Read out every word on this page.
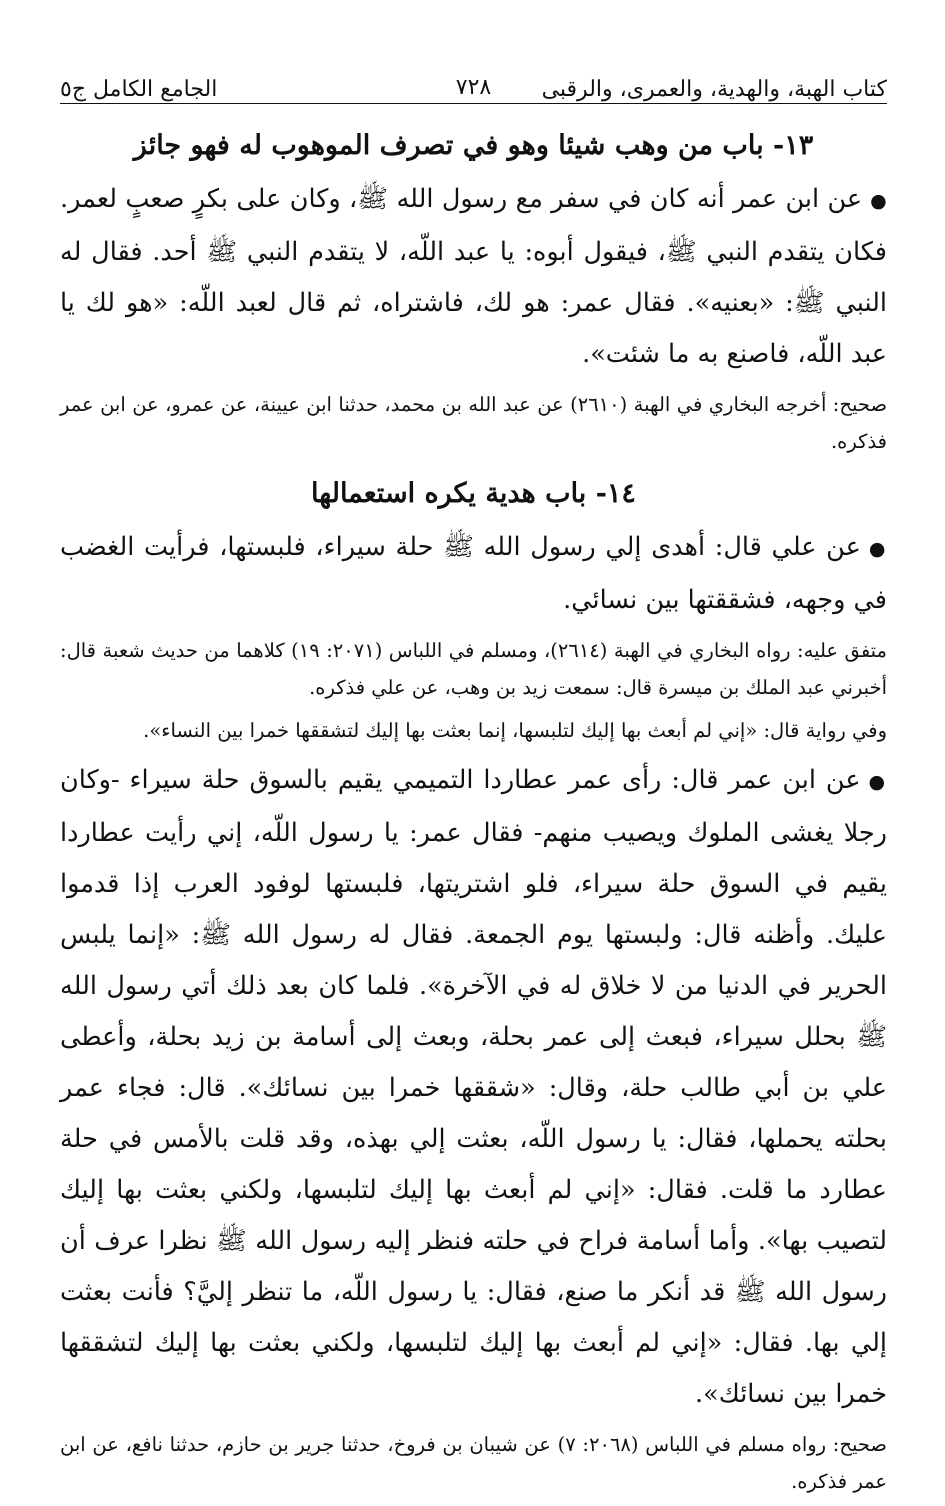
كتاب الهبة، والهدية، والعمرى، والرقبى
٧٢٨
الجامع الكامل ج٥
١٣- باب من وهب شيئا وهو في تصرف الموهوب له فهو جائز

●عن ابن عمر أنه كان في سفر مع رسول الله ﷺ، وكان على بكرٍ صعبٍ لعمر. فكان يتقدم النبي ﷺ، فيقول أبوه: يا عبد اللّه، لا يتقدم النبي ﷺ أحد. فقال له النبي ﷺ: «بعنيه». فقال عمر: هو لك، فاشتراه، ثم قال لعبد اللّه: «هو لك يا عبد اللّه، فاصنع به ما شئت».

صحيح: أخرجه البخاري في الهبة (٢٦١٠) عن عبد الله بن محمد، حدثنا ابن عيينة، عن عمرو، عن ابن عمر فذكره.

١٤- باب هدية يكره استعمالها

●عن علي قال: أهدى إلي رسول الله ﷺ حلة سيراء، فلبستها، فرأيت الغضب في وجهه، فشققتها بين نسائي.

متفق عليه: رواه البخاري في الهبة (٢٦١٤)، ومسلم في اللباس (٢٠٧١: ١٩) كلاهما من حديث شعبة قال: أخبرني عبد الملك بن ميسرة قال: سمعت زيد بن وهب، عن علي فذكره.

وفي رواية قال: «إني لم أبعث بها إليك لتلبسها، إنما بعثت بها إليك لتشققها خمرا بين النساء».

●عن ابن عمر قال: رأى عمر عطاردا التميمي يقيم بالسوق حلة سيراء -وكان رجلا يغشى الملوك ويصيب منهم- فقال عمر: يا رسول اللّه، إني رأيت عطاردا يقيم في السوق حلة سيراء، فلو اشتريتها، فلبستها لوفود العرب إذا قدموا عليك. وأظنه قال: ولبستها يوم الجمعة. فقال له رسول الله ﷺ: «إنما يلبس الحرير في الدنيا من لا خلاق له في الآخرة». فلما كان بعد ذلك أتي رسول الله ﷺ بحلل سيراء، فبعث إلى عمر بحلة، وبعث إلى أسامة بن زيد بحلة، وأعطى علي بن أبي طالب حلة، وقال: «شققها خمرا بين نسائك». قال: فجاء عمر بحلته يحملها، فقال: يا رسول اللّه، بعثت إلي بهذه، وقد قلت بالأمس في حلة عطارد ما قلت. فقال: «إني لم أبعث بها إليك لتلبسها، ولكني بعثت بها إليك لتصيب بها». وأما أسامة فراح في حلته فنظر إليه رسول الله ﷺ نظرا عرف أن رسول الله ﷺ قد أنكر ما صنع، فقال: يا رسول اللّه، ما تنظر إليَّ؟ فأنت بعثت إلي بها. فقال: «إني لم أبعث بها إليك لتلبسها، ولكني بعثت بها إليك لتشققها خمرا بين نسائك».

صحيح: رواه مسلم في اللباس (٢٠٦٨: ٧) عن شيبان بن فروخ، حدثنا جرير بن حازم، حدثنا نافع، عن ابن عمر فذكره.
